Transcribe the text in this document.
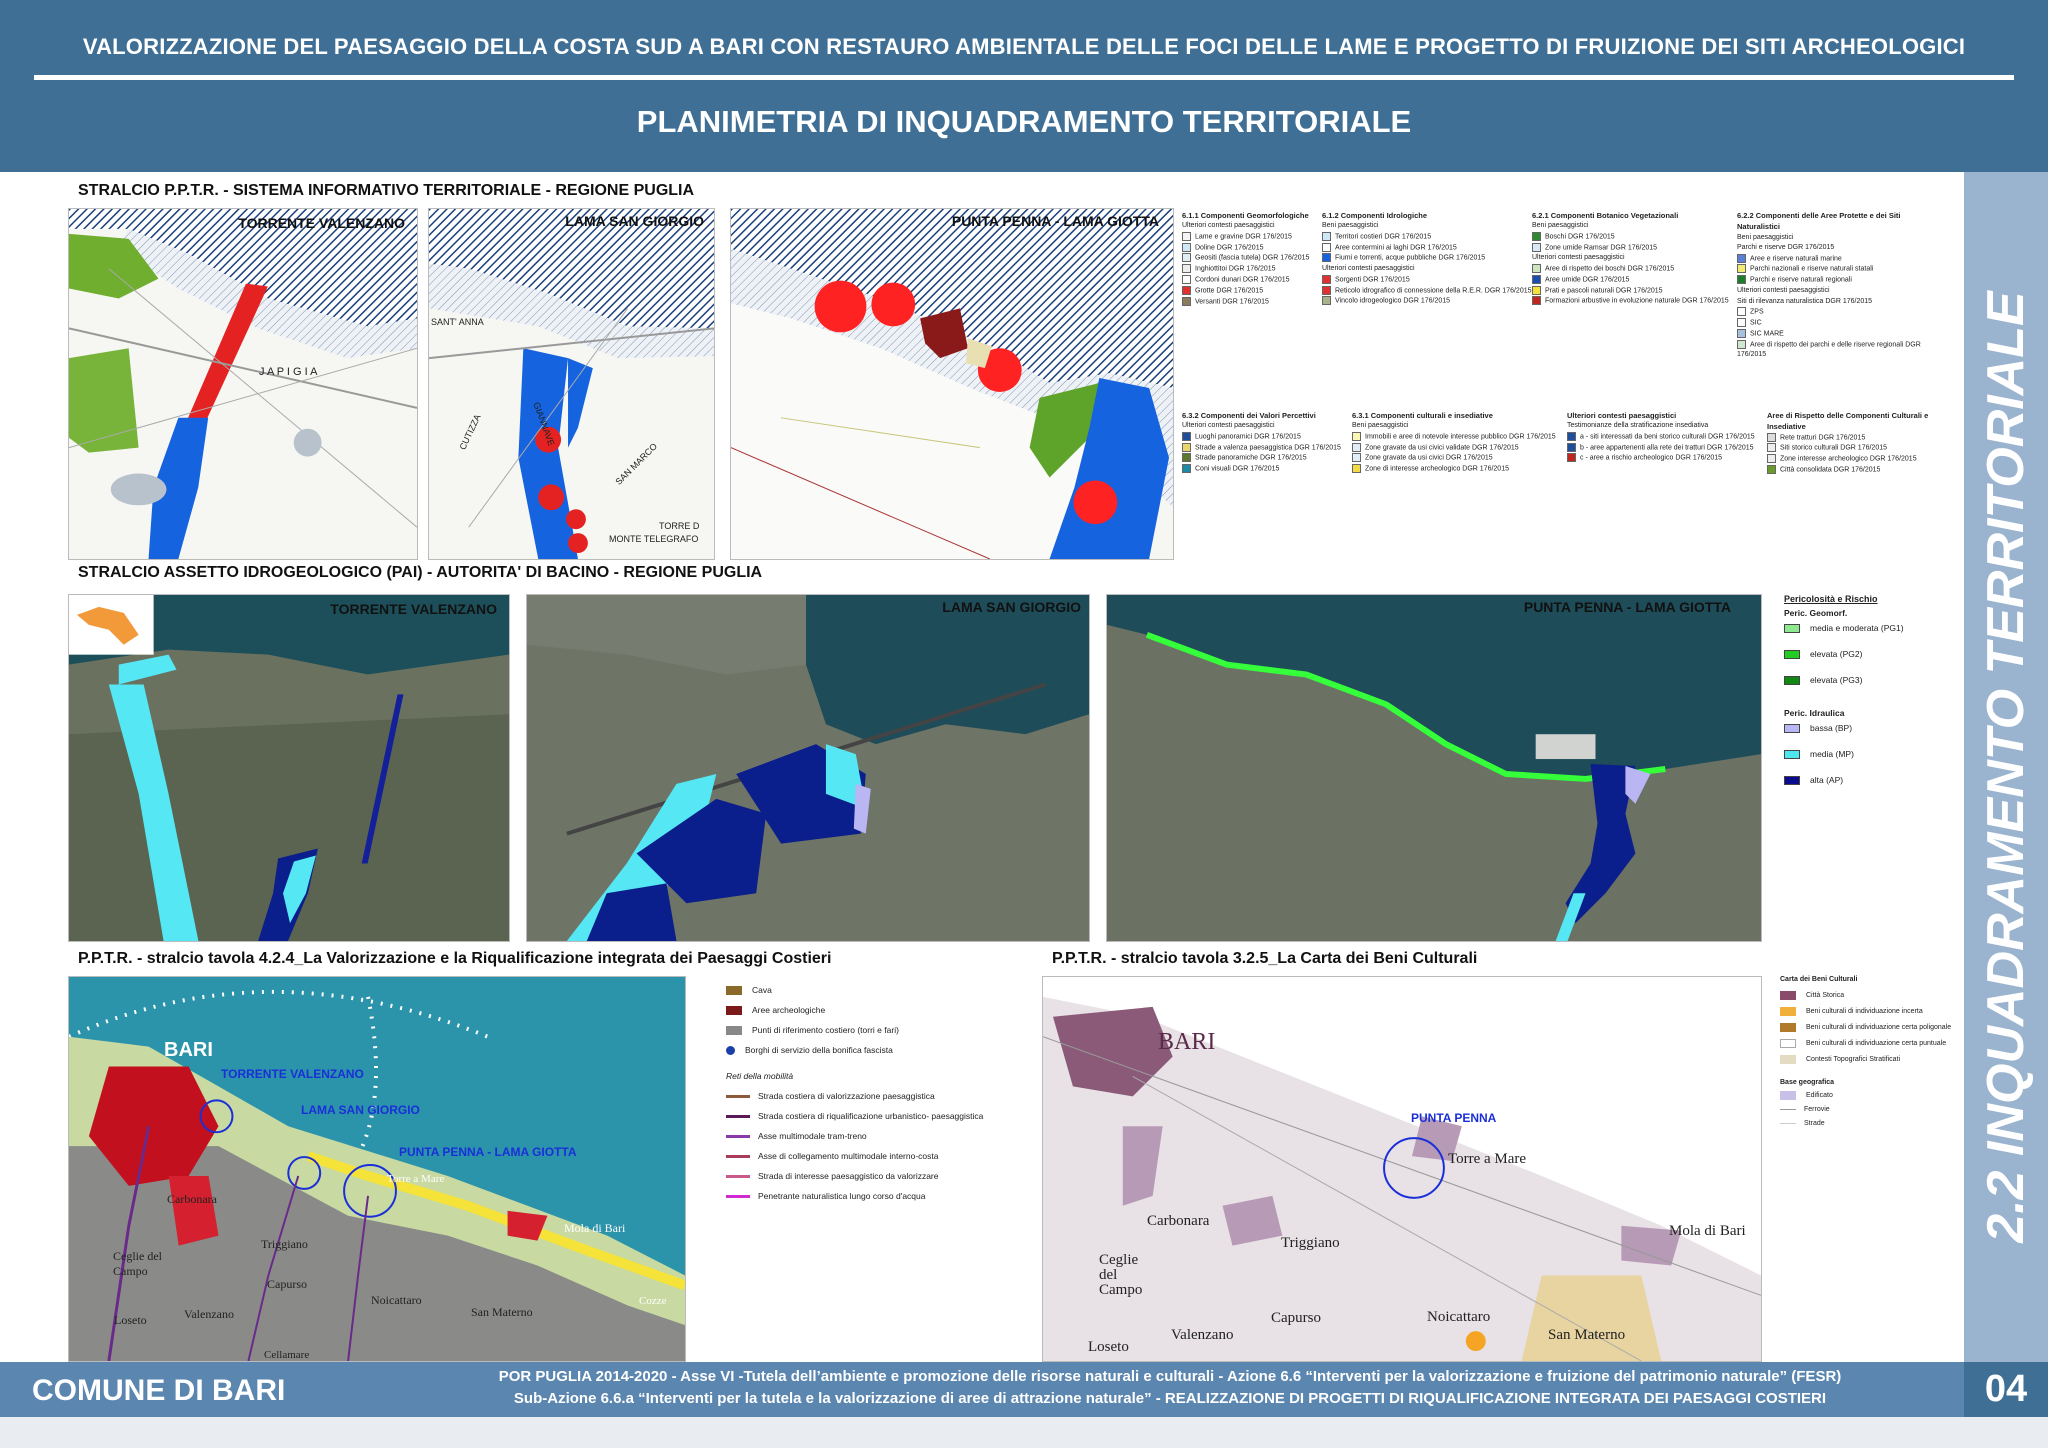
VALORIZZAZIONE DEL PAESAGGIO DELLA COSTA SUD A BARI CON RESTAURO AMBIENTALE DELLE FOCI DELLE LAME E PROGETTO DI FRUIZIONE DEI SITI ARCHEOLOGICI
PLANIMETRIA DI INQUADRAMENTO TERRITORIALE
2.2 INQUADRAMENTO TERRITORIALE
STRALCIO P.P.T.R. - SISTEMA INFORMATIVO TERRITORIALE - REGIONE PUGLIA
TORRENTE VALENZANO
J A P I G I A
LAMA SAN GIORGIO
SANT' ANNA
CUTIZZA	GIANNAVE
SAN MARCO
MONTE TELEGRAFO
TORRE D
PUNTA PENNA - LAMA GIOTTA	6.1.1 Componenti Geomorfologiche
Ulteriori contesti paesaggistici
Lame e gravine DGR 176/2015
Doline DGR 176/2015
Geositi (fascia tutela) DGR 176/2015
Inghiottitoi DGR 176/2015
Cordoni dunari DGR 176/2015
Grotte DGR 176/2015
Versanti DGR 176/2015
6.1.2 Componenti Idrologiche
Beni paesaggistici
Territori costieri DGR 176/2015
Aree contermini ai laghi DGR 176/2015
Fiumi e torrenti, acque pubbliche DGR 176/2015
Ulteriori contesti paesaggistici
Sorgenti DGR 176/2015
Reticolo idrografico di connessione della R.E.R. DGR 176/2015
Vincolo idrogeologico DGR 176/2015
6.2.1 Componenti Botanico Vegetazionali
Beni paesaggistici
Boschi DGR 176/2015
Zone umide Ramsar DGR 176/2015
Ulteriori contesti paesaggistici
Aree di rispetto dei boschi DGR 176/2015
Aree umide DGR 176/2015
Prati e pascoli naturali DGR 176/2015
Formazioni arbustive in evoluzione naturale DGR 176/2015
6.2.2 Componenti delle Aree Protette e dei Siti Naturalistici
Beni paesaggistici
Parchi e riserve DGR 176/2015
Aree e riserve naturali marine
Parchi nazionali e riserve naturali statali
Parchi e riserve naturali regionali
Ulteriori contesti paesaggistici
Siti di rilevanza naturalistica DGR 176/2015
ZPS
SIC
SIC MARE
Aree di rispetto dei parchi e delle riserve regionali DGR 176/2015
6.3.2 Componenti dei Valori Percettivi
Ulteriori contesti paesaggistici
Luoghi panoramici DGR 176/2015
Strade a valenza paesaggistica DGR 176/2015
Strade panoramiche DGR 176/2015
Coni visuali DGR 176/2015
6.3.1 Componenti culturali e insediative
Beni paesaggistici
Immobili e aree di notevole interesse pubblico DGR 176/2015
Zone gravate da usi civici validate DGR 176/2015
Zone gravate da usi civici DGR 176/2015
Zone di interesse archeologico DGR 176/2015
Ulteriori contesti paesaggistici
Testimonianze della stratificazione insediativa
a - siti interessati da beni storico culturali DGR 176/2015
b - aree appartenenti alla rete dei tratturi DGR 176/2015
c - aree a rischio archeologico DGR 176/2015
Aree di Rispetto delle Componenti Culturali e Insediative
Rete tratturi DGR 176/2015
Siti storico culturali DGR 176/2015
Zone interesse archeologico DGR 176/2015
Città consolidata DGR 176/2015
STRALCIO ASSETTO IDROGEOLOGICO (PAI) - AUTORITA' DI BACINO - REGIONE PUGLIA
TORRENTE VALENZANO	LAMA SAN GIORGIO	PUNTA PENNA - LAMA GIOTTA	Pericolosità e Rischio
Peric. Geomorf.
media e moderata (PG1)
elevata (PG2)
elevata (PG3)
Peric. Idraulica
bassa (BP)
media (MP)
alta (AP)
P.P.T.R. - stralcio tavola 4.2.4_La Valorizzazione e la Riqualificazione integrata dei Paesaggi Costieri	P.P.T.R. - stralcio tavola 3.2.5_La Carta dei Beni Culturali
BARI
Carbonara
Ceglie del Campo
Triggiano
Capurso
Noicattaro
Valenzano
Loseto
San Materno
Mola di Bari
Torre a Mare
Cellamare
Cozze
TORRENTE VALENZANO
LAMA SAN GIORGIO
PUNTA PENNA - LAMA GIOTTA
Cava
Aree archeologiche
Punti di riferimento costiero (torri e fari)
Borghi di servizio della bonifica fascista
Reti della mobilità
Strada costiera di valorizzazione paesaggistica
Strada costiera di riqualificazione urbanistico- paesaggistica
Asse multimodale tram-treno
Asse di collegamento multimodale interno-costa
Strada di interesse paesaggistico da valorizzare
Penetrante naturalistica lungo corso d'acqua
BARI
Carbonara
Ceglie del Campo
Triggiano
Torre a Mare
Mola di Bari
Valenzano
Capurso	Noicattaro
Loseto
San Materno
PUNTA PENNA
Carta dei Beni Culturali
Città Storica
Beni culturali di individuazione incerta
Beni culturali di individuazione certa poligonale
Beni culturali di individuazione certa puntuale
Contesti Topografici Stratificati
Base geografica
Edificato
Ferrovie
Strade
COMUNE DI BARI	POR PUGLIA 2014-2020 - Asse VI -Tutela dell’ambiente e promozione delle risorse naturali e culturali - Azione 6.6 “Interventi per la valorizzazione e fruizione del patrimonio naturale” (FESR)
Sub-Azione 6.6.a “Interventi per la tutela e la valorizzazione di aree di attrazione naturale” - REALIZZAZIONE DI PROGETTI DI RIQUALIFICAZIONE INTEGRATA DEI PAESAGGI COSTIERI	04
